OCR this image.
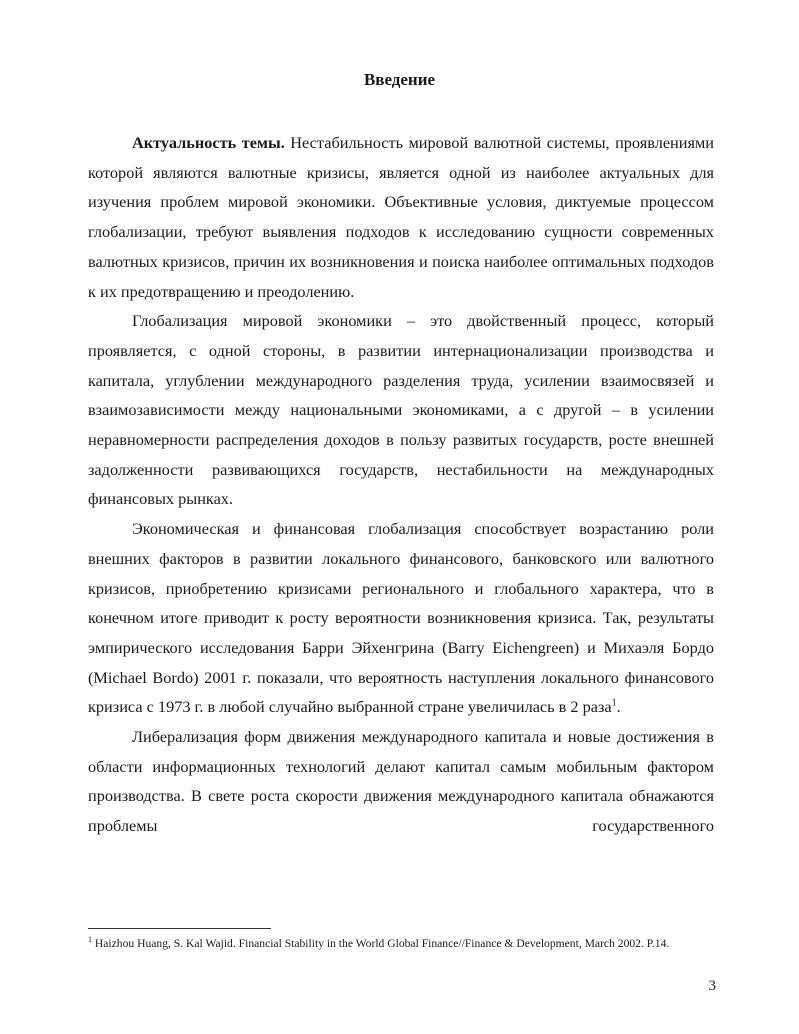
Введение

Актуальность темы. Нестабильность мировой валютной системы, проявлениями которой являются валютные кризисы, является одной из наиболее актуальных для изучения проблем мировой экономики. Объективные условия, диктуемые процессом глобализации, требуют выявления подходов к исследованию сущности современных валютных кризисов, причин их возникновения и поиска наиболее оптимальных подходов к их предотвращению и преодолению.

Глобализация мировой экономики – это двойственный процесс, который проявляется, с одной стороны, в развитии интернационализации производства и капитала, углублении международного разделения труда, усилении взаимосвязей и взаимозависимости между национальными экономиками, а с другой – в усилении неравномерности распределения доходов в пользу развитых государств, росте внешней задолженности развивающихся государств, нестабильности на международных финансовых рынках.

Экономическая и финансовая глобализация способствует возрастанию роли внешних факторов в развитии локального финансового, банковского или валютного кризисов, приобретению кризисами регионального и глобального характера, что в конечном итоге приводит к росту вероятности возникновения кризиса. Так, результаты эмпирического исследования Барри Эйхенгрина (Barry Eichengreen) и Михаэля Бордо (Michael Bordo) 2001 г. показали, что вероятность наступления локального финансового кризиса с 1973 г. в любой случайно выбранной стране увеличилась в 2 раза$^1$.

Либерализация форм движения международного капитала и новые достижения в области информационных технологий делают капитал самым мобильным фактором производства. В свете роста скорости движения международного капитала обнажаются проблемы государственного

$^1$ Haizhou Huang, S. Kal Wajid. Financial Stability in the World Global Finance//Finance & Development, March 2002. P.14.
3
